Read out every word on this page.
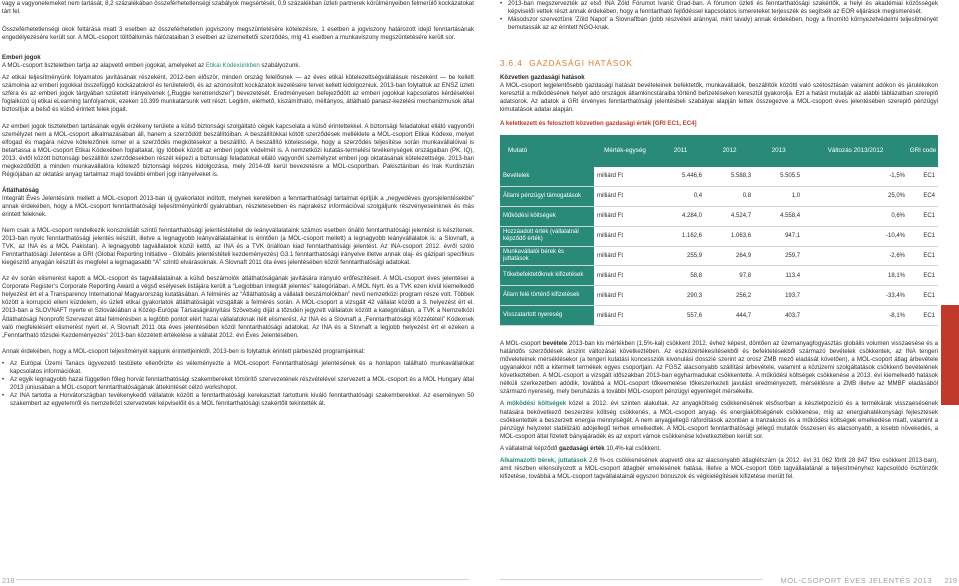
vagy a vagyonelemeket nem tartását, 8,2 százalékában összeférhetetlenségi szabályok megsértését, 0,9 százalékban üzleti partnerek körülményeiben felmerülő kockázatokat tárt fel.

Összeférhetetlenségi okok feltárása miatt 3 esetben az összeférhetetlen jogviszony megszüntetésére kötelezésre, 1 esetben a jogviszony határozott idejű fenntartásának engedélyezésére került sor. A MOL-csoport töltőállomás hálózataiban 3 esetben az üzemeltetői szerződés, míg 41 esetben a munkaviszony megszüntetésére került sor.

Emberi jogok

A MOL-csoport tiszteletben tartja az alapvető emberi jogokat, amelyeket az Etikai Kódexünkben szabályozunk.

Az etikai teljesítményünk folyamatos javításának részeként, 2012-ben először, minden ország felelősnek — az éves etikai kötelezettségvállalásuk részeként — be kellett számolnia az emberi jogokkal összefüggő kockázatokról és területekről, és az azonosított kockázatok kezelésére tervet kellett kidolgozniuk. 2013-ban folytattuk az ENSZ üzleti szféra és az emberi jogok tárgyában született irányelvének („Ruggie keretrendszer”) bevezetését. Eredményesen befejeződött az emberi jogokkal kapcsolatos kérdésekkel foglalkozó új etikai eLearning tanfolyamok, ezeken 10.399 munkatársunk vett részt. Legitim, elérhető, kiszámítható, méltányos, átlátható panasz-kezelési mechanizmusok által biztosítjuk a belső és külső érintett felek jogait.

Az emberi jogok tiszteletben tartásának egyik érzékeny területe a külső biztonsági szolgáltató cégek kapcsolata a külső érintettekkel. A biztonsági feladatokat ellátó vagyonőri személyzet nem a MOL-csoport alkalmazásában áll, hanem a szerződött beszállítóiban. A beszállítókkal kötött szerződések melléklete a MOL-csoport Etikai Kódexe, melyet elfogad és magára nézve kötelezőnek ismer el a szerződés megkötésekor a beszállító. A beszállító kötelessége, hogy a szerződés teljesítése során munkavállalóival is betartassa a MOL-csoport Etikai Kódexében foglaltakat, így többek között az emberi jogok védelmét is. A nemzetközi kutatás-termelési tevékenységek országaiban (PK, IQ), 2013. évtől között biztonsági beszállítói szerződésekben részét képezi a biztonsági feladatokat ellátó vagyonőri személyzet emberi jogi oktatásának kötelezettsége. 2013-ban megkezdődött a minden munkavállalóra kötelező biztonsági képzés kidolgozása, mely 2014-től kerül bevezetésre a MOL-csoportban. Pakisztánban és Irak Kurdisztán Régiójában az oktatási anyag tartalmaz majd további emberi jogi irányelveket is.

Átláthatóság

Integrált Éves Jelentésünk mellett a MOL-csoport 2013-ban új gyakorlatot indított, melynek keretében a fenntarthatósági tartalmat építjük a „negyedéves gyorsjelentésekbe” annak érdekében, hogy a MOL-csoport fenntarthatósági teljesítményünkről gyakrabban, részletesebben és naprakész információval szolgáljunk részvényeseinknek és más érintett feleknek.

Nem csak a MOL-csoport rendelkezik konszolidált szintű fenntarthatósági jelentéstétellel de leányvállalataink számos esetben önálló fenntarthatósági jelentést is készítenek. 2013-ban nyolc fenntarthatósági jelentés készült, illetve a legnagyobb leányvállalatainkat is érintően (a MOL-csoport mellett) a legnagyobb leányvállalatok is: a Slovnaft, a TVK, az INA és a MOL Pakistan). A legnagyobb tagvállalatok közül kettő, az INA és a TVK önállóan kiad fenntarthatósági jelentést. Az INA-csoport 2012. évről szóló Fenntarthatósági Jelentése a GRI (Global Reporting Initiative - Globális jelentéstételi kezdeményezés) G3.1 fenntarthatósági irányelve illetve annak olaj- és gázipari specifikus kiegészítő anyagán készült és megfelel a legmagasabb “A” szintű elvárásoknak. A Slovnaft 2011 óta éves jelentésében közöl fenntarthatósági adatokat.

Az év során elismerést kapott a MOL-csoport és tagvállalatainak a külső beszámolók átláthatóságának javítására irányuló erőfeszítéseit. A MOL-csoport éves jelentései a Corporate Register’s Corporate Reporting Award a végső esélyesek listájára került a “Legjobban integrált jelentés” kategóriában. A MOL Nyrt. és a TVK ezen kívül kiemelkedő helyezést ért el a Transparency International Magyarország kutatásában. A felmérés az “Átláthatóság a vállalati beszámolókban” nevű nemzetközi program része volt. Többek között a korrupció elleni küzdelem, és üzleti etikai gyakorlatok átláthatóságát vizsgálták a felmérés során. A MOL-csoport a vizsgált 42 vállalat között a 3. helyezést ért el. 2013-ban a SLOVNAFT nyerte el Szlovákiában a Közép-Európai Társaságirányítási Szövetség díját a tőzsdén jegyzett vállalatok között a kategóriában, a TVK a Nemzetközi Átláthatósági Nonprofit Szervezet által felmérésben a legtöbb pontot elért hazai vállalatoknak ítélt elismerést. Az INA és a Slovnaft a „Fenntarthatósági Közzétételi” Kódexnek való megfelelésért elismerést nyert el. A Slovnaft 2011 óta éves jelentésében közöl fenntarthatósági adatokat. Az INA és a Slovnaft a legjobb helyezést ért el ezeken a „Fenntartható tőzsdei Kezdeményezés” 2013-ban közzétett értékelése a vállalat 2012. évi Éves Jelentésében.

Annak érdekében, hogy a MOL-csoport teljesítményét kapjunk érintettjeinktől, 2013-ben is folytattuk érintett párbeszéd programjainkat:

• Az Európai Üzemi Tanács ügyvezető testülete ellenőrizte és véleményezte a MOL-csoport Fenntarthatósági jelentésének és a honlapon található munkavállalókat kapcsolatos információkat.
• Az egyik legnagyobb hazai független főleg horvát fenntarthatósági szakembereket tömörítő szervezetének részvételével szervezett a MOL-csoport és a MOL Hungary által 2013 júniusában a MOL-csoport fenntarthatóságának áttekintését célzó workshopot.
• Az INA tartotta a Horvátországban tevékenykedő vállalatok között a fenntarthatósági kerekasztalt tartottunk kiváló fenntarthatósági szakemberekkel. Az eseményen 50 szakembert az egyetemről és nemzetközi szervezetek képviselőit és a MOL fenntarthatósági szakértőit tekintették át.
• 2013-ban megszervezték az első INA Zöld Fórumot Ivanić Grad-ban. A fórumon üzleti és fenntarthatósági szakértők, a helyi és akadémiai közösségek képviselői vettek részt annak érdekében, hogy a fenntartható fejlődéssel kapcsolatos ismereteket terjesszék és segítsék az EOR eljárások megismerését.
• Másodszor szerveztünk ‘Zöld Napot’ a Slovnaftban (jobb részvételi aránnyal, mint tavaly) annak érdekében, hogy a finomító környezetvédelmi teljesítményét bemutassák az az érintett NGO-knak.
3.6.4 GAZDASÁGI HATÁSOK
Közvetlen gazdasági hatások

A MOL-csoport legjelentősebb gazdasági hatását bevételeinek befektetők, munkavállalók, beszállítók közötti való szétosztásán valamint adókon és járulékokon keresztül a működésének helyet adó országok államkincstáraiba történő befizetéseken keresztül gyakorolja. Ezt a hatást mutatják az alábbi táblázatban szereplő adatsorok. Az adatok a GRI érvényes fenntarthatósági jelentésbeli szabályai alapján lettek összegezve a MOL-csoport éves jelentésében szereplő pénzügyi kimutatások adatai alapján.

A keletkezett és felosztott közvetlen gazdasági érték [GRI EC1, EC4]
Mutató	Mérték-egység	2011	2012	2013	Változás 2013/2012	GRI code
Bevételek	milliárd Ft	5.446,6	5.588,3	5.505,5	-1,5%	EC1
Állami pénzügyi támogatások	milliárd Ft	0,4	0,8	1,0	25,0%	EC4
Működési költségek	milliárd Ft	4.284,0	4.524,7	4.558,4	0,6%	EC1
Hozzáadott érték (vállalatnál képződő érték)	milliárd Ft	1.162,6	1.063,6	947,1	-10,4%	EC1
Munkavállalói bérek és juttatások	milliárd Ft	255,9	264,9	259,7	-2,6%	EC1
Tőkebefektetőknek kifizetések	milliárd Ft	58,8	97,8	113,4	18,1%	EC1
Állam felé történő kifizetések	milliárd Ft	290,3	256,2	193,7	-33,4%	EC1
Visszatartott nyereség	milliárd Ft	557,6	444,7	403,7	-8,1%	EC1

A MOL-csoport bevétele 2013-ban kis mértékben (1,5%-kal) csökkent 2012. évhez képest, döntően az üzemanyagfogyasztás globális volumen visszaesése és a határidős szerződések árszint változásai következtében. Az eszközértékesítésekből és befektetésekből származó bevételek csökkentek, az INA tengeri műveleteinek mérséklésekor (a tengeri kutatási koncessziók kivonulási dosszié szerint az orosz ZMB mező eladását követően), a MOL-csoport átlag árbevétele ugyanakkor nőtt a kitermelt termékek egyes csoportjain. Az FGSZ alacsonyabb szállítási árbevétele, valamint a közüzemi szolgáltatások csökkenő bevételének következtében. A MOL-csoport a vizsgált időszakban 2013-ban egyharmadukat csökkentette. A működési költségek csökkenése a 2013. évi kiemelkedő hatások nélküli szerkezetben adódik, továbbá a MOL-csoport tőkeemelése tőkeszerkezeti javulást eredményezett, mérséklésre a ZMB illetve az MMBF eladásából származó nyereség, mely beruházás a további MOL-csoport pénzügyi egyenlegét mérsékelte.

A működési költségek közel a 2012. évi szinten alakultak. Az anyagköltség csökkenésének elsősorban a készletpozíció és a termékárak visszaesésének hatására bekövetkező beszerzési költség csökkenés, a MOL-csoport anyag- és energiaköltségének csökkenése, míg az energiahatékonysági fejlesztések csökkentették a beszerzett energia mennyiségét. A nem anyagjellegű ráfordítások azonban a tranzakciós és a működési költségek emelkedése miatt, valamint a pénzügyi helyzetet stabilizáló adójellegű terhek emelkedtek. A MOL-csoport fenntarthatósági jellegű mutatók összesen és alacsonyabb, a kisebb növekedés, a MOL-csoport által fizetett bányajáradék és az export vámok csökkenése következtében került sor.

A vállalatnál képződő gazdasági érték 10,4%-kal csökkent.

Alkalmazotti bérek, juttatások 2,6 %-os csökkenésének alapvető oka az alacsonyabb átlaglétszám (a 2012. évi 31 062 főről 28 847 főre csökkent 2013-ban), amit részben ellensúlyozott a MOL-csoport átlagbér emelésének hatása, illetve a MOL-csoport több tagvállalatánál a teljesítményhez kapcsolódó ösztönzők kifizetése, továbbá a MOL-csoport tagvállalatainál egyszeri bónuszok és végkielégítések kifizetése merült fel.

218	MOL-CSOPORT ÉVES JELENTÉS 2013 219
